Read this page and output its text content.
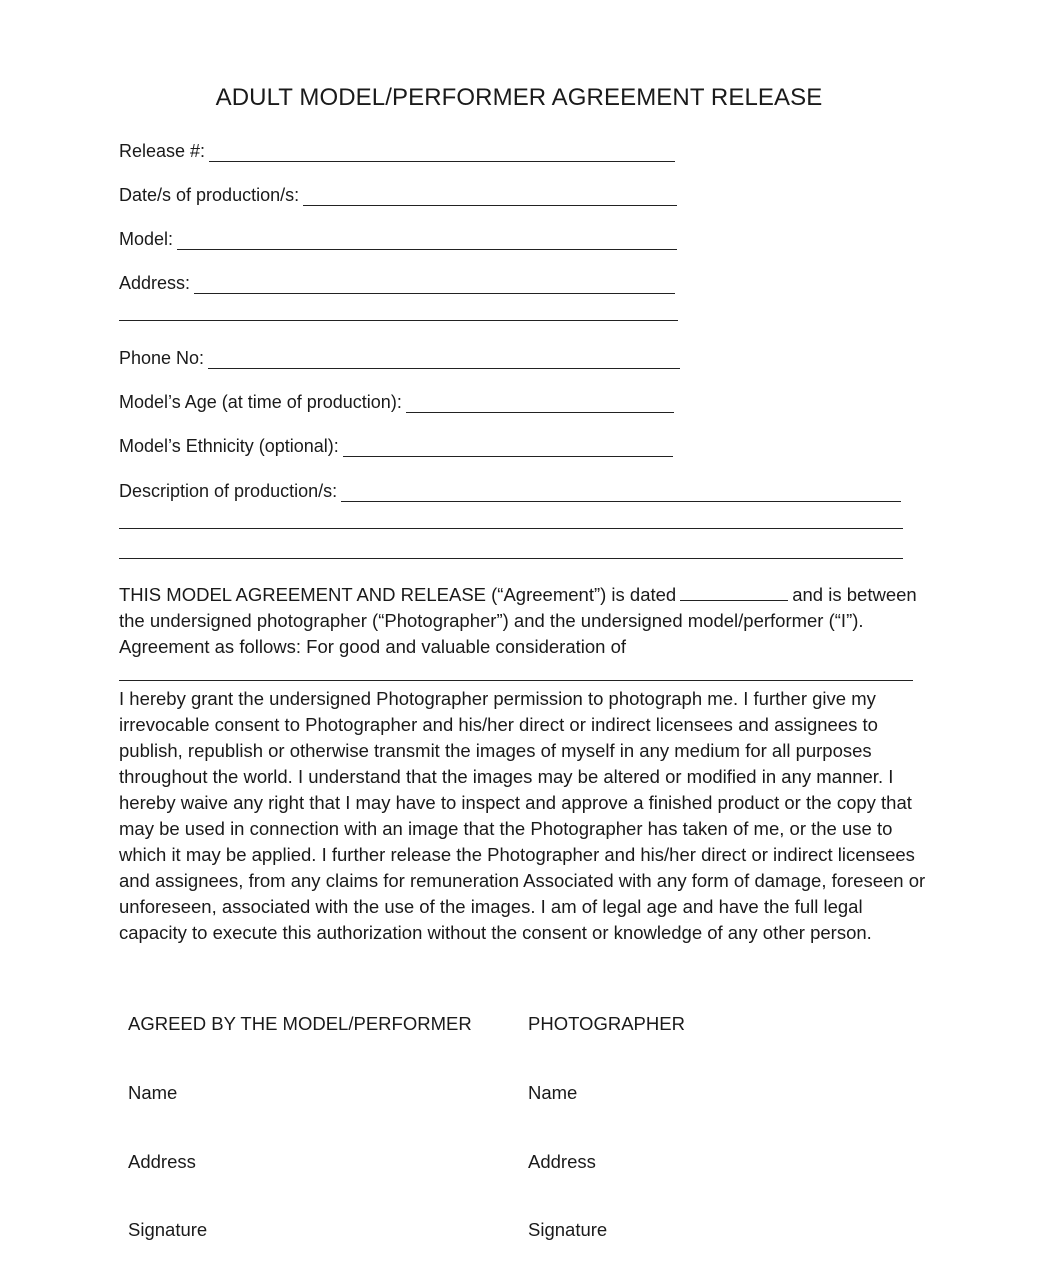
ADULT MODEL/PERFORMER AGREEMENT RELEASE
Release #:
Date/s of production/s:
Model:
Address:
Phone No:
Model’s Age (at time of production):
Model’s Ethnicity (optional):
Description of production/s:
THIS MODEL AGREEMENT AND RELEASE (“Agreement”) is dated	and is between the undersigned photographer (“Photographer”) and the undersigned model/performer (“I”). Agreement as follows: For good and valuable consideration of
I hereby grant the undersigned Photographer permission to photograph me. I further give my irrevocable consent to Photographer and his/her direct or indirect licensees and assignees to publish, republish or otherwise transmit the images of myself in any medium for all purposes throughout the world. I understand that the images may be altered or modified in any manner. I hereby waive any right that I may have to inspect and approve a finished product or the copy that may be used in connection with an image that the Photographer has taken of me, or the use to which it may be applied. I further release the Photographer and his/her direct or indirect licensees and assignees, from any claims for remuneration Associated with any form of damage, foreseen or unforeseen, associated with the use of the images. I am of legal age and have the full legal capacity to execute this authorization without the consent or knowledge of any other person.
AGREED BY THE MODEL/PERFORMER	PHOTOGRAPHER
Name	Name
Address	Address
Signature	Signature
